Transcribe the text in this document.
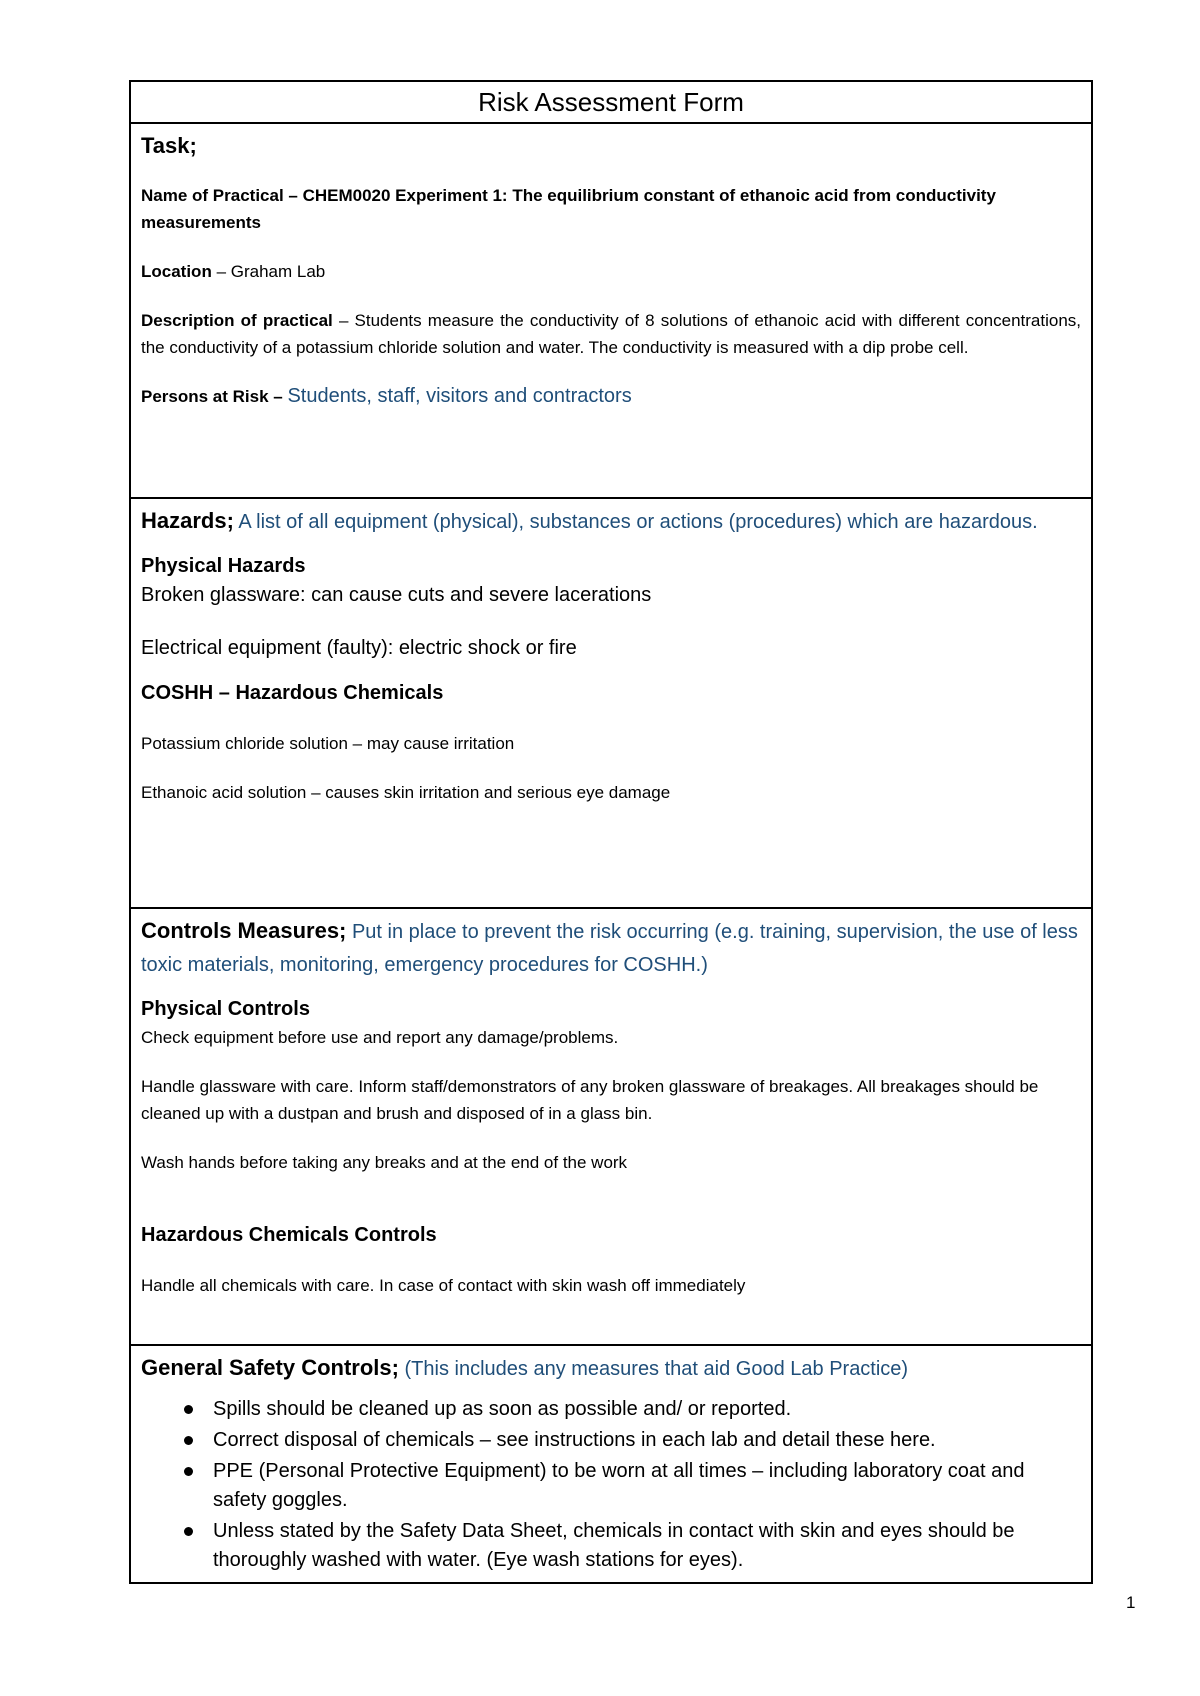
Risk Assessment Form

Task;

Name of Practical – CHEM0020 Experiment 1: The equilibrium constant of ethanoic acid from conductivity measurements

Location – Graham Lab

Description of practical – Students measure the conductivity of 8 solutions of ethanoic acid with different concentrations, the conductivity of a potassium chloride solution and water. The conductivity is measured with a dip probe cell.

Persons at Risk – Students, staff, visitors and contractors

Hazards; A list of all equipment (physical), substances or actions (procedures) which are hazardous.

Physical Hazards

Broken glassware: can cause cuts and severe lacerations

Electrical equipment (faulty): electric shock or fire

COSHH – Hazardous Chemicals

Potassium chloride solution – may cause irritation

Ethanoic acid solution – causes skin irritation and serious eye damage

Controls Measures; Put in place to prevent the risk occurring (e.g. training, supervision, the use of less toxic materials, monitoring, emergency procedures for COSHH.)

Physical Controls

Check equipment before use and report any damage/problems.

Handle glassware with care. Inform staff/demonstrators of any broken glassware of breakages. All breakages should be cleaned up with a dustpan and brush and disposed of in a glass bin.

Wash hands before taking any breaks and at the end of the work

Hazardous Chemicals Controls

Handle all chemicals with care. In case of contact with skin wash off immediately

General Safety Controls; (This includes any measures that aid Good Lab Practice)

Spills should be cleaned up as soon as possible and/ or reported.
Correct disposal of chemicals – see instructions in each lab and detail these here.
PPE (Personal Protective Equipment) to be worn at all times – including laboratory coat and safety goggles.
Unless stated by the Safety Data Sheet, chemicals in contact with skin and eyes should be thoroughly washed with water. (Eye wash stations for eyes).
1
